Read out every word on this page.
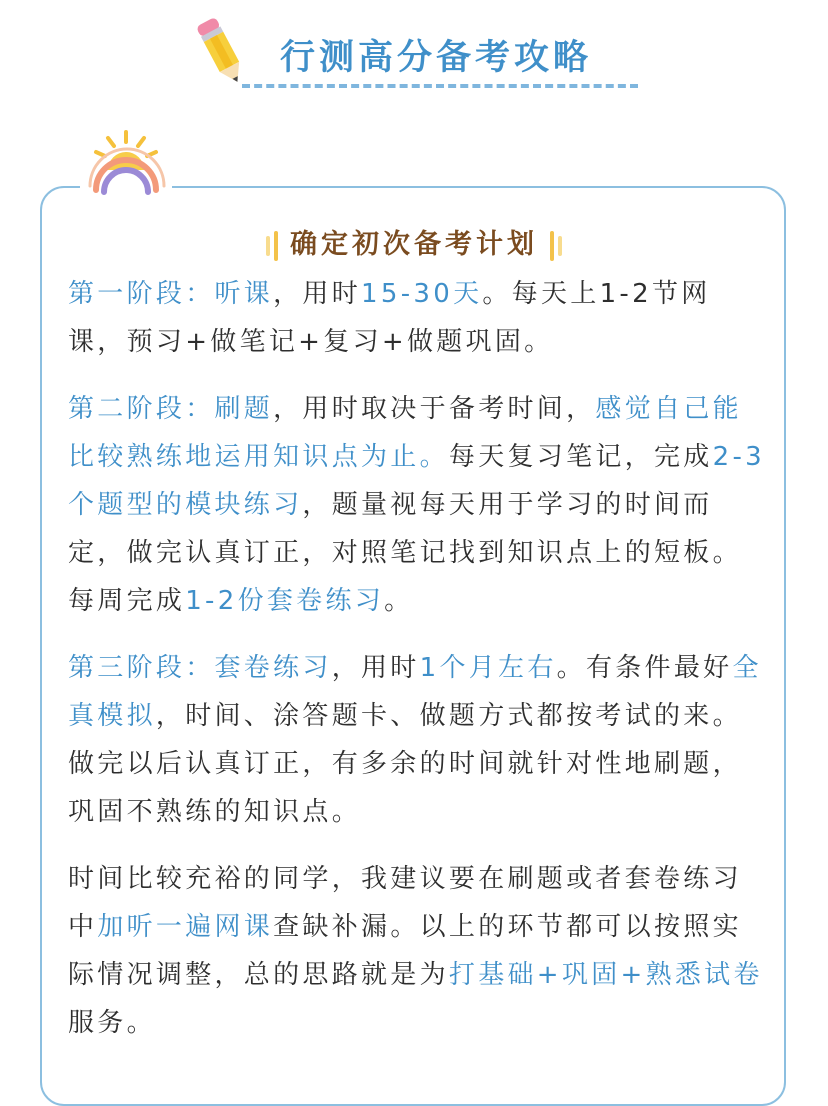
行测高分备考攻略
确定初次备考计划

第一阶段：听课，用时15-30天。每天上1-2节网课，预习+做笔记+复习+做题巩固。

第二阶段：刷题，用时取决于备考时间，感觉自己能比较熟练地运用知识点为止。每天复习笔记，完成2-3个题型的模块练习，题量视每天用于学习的时间而定，做完认真订正，对照笔记找到知识点上的短板。每周完成1-2份套卷练习。

第三阶段：套卷练习，用时1个月左右。有条件最好全真模拟，时间、涂答题卡、做题方式都按考试的来。做完以后认真订正，有多余的时间就针对性地刷题，巩固不熟练的知识点。

时间比较充裕的同学，我建议要在刷题或者套卷练习中加听一遍网课查缺补漏。以上的环节都可以按照实际情况调整，总的思路就是为打基础+巩固+熟悉试卷服务。
